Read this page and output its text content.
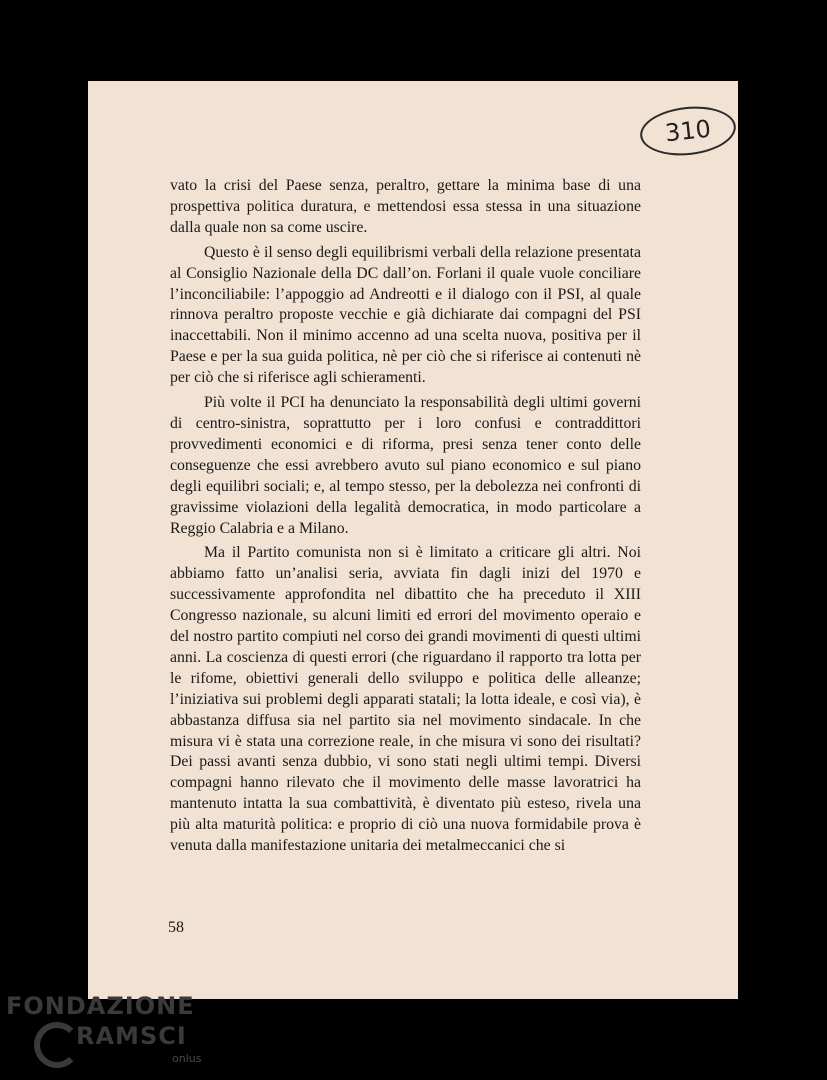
310

vato la crisi del Paese senza, peraltro, gettare la minima base di una prospettiva politica duratura, e mettendosi essa stessa in una situazione dalla quale non sa come uscire.

Questo è il senso degli equilibrismi verbali della relazione presentata al Consiglio Nazionale della DC dall’on. Forlani il quale vuole conciliare l’inconciliabile: l’appoggio ad Andreotti e il dialogo con il PSI, al quale rinnova peraltro proposte vecchie e già dichiarate dai compagni del PSI inaccettabili. Non il minimo accenno ad una scelta nuova, positiva per il Paese e per la sua guida politica, nè per ciò che si riferisce ai contenuti nè per ciò che si riferisce agli schieramenti.

Più volte il PCI ha denunciato la responsabilità degli ultimi governi di centro-sinistra, soprattutto per i loro confusi e contraddittori provvedimenti economici e di riforma, presi senza tener conto delle conseguenze che essi avrebbero avuto sul piano economico e sul piano degli equilibri sociali; e, al tempo stesso, per la debolezza nei confronti di gravissime violazioni della legalità democratica, in modo particolare a Reggio Calabria e a Milano.

Ma il Partito comunista non si è limitato a criticare gli altri. Noi abbiamo fatto un’analisi seria, avviata fin dagli inizi del 1970 e successivamente approfondita nel dibattito che ha preceduto il XIII Congresso nazionale, su alcuni limiti ed errori del movimento operaio e del nostro partito compiuti nel corso dei grandi movimenti di questi ultimi anni. La coscienza di questi errori (che riguardano il rapporto tra lotta per le rifome, obiettivi generali dello sviluppo e politica delle alleanze; l’iniziativa sui problemi degli apparati statali; la lotta ideale, e così via), è abbastanza diffusa sia nel partito sia nel movimento sindacale. In che misura vi è stata una correzione reale, in che misura vi sono dei risultati? Dei passi avanti senza dubbio, vi sono stati negli ultimi tempi. Diversi compagni hanno rilevato che il movimento delle masse lavoratrici ha mantenuto intatta la sua combattività, è diventato più esteso, rivela una più alta maturità politica: e proprio di ciò una nuova formidabile prova è venuta dalla manifestazione unitaria dei metalmeccanici che si

58
FONDAZIONE
RAMSCI
onlus
